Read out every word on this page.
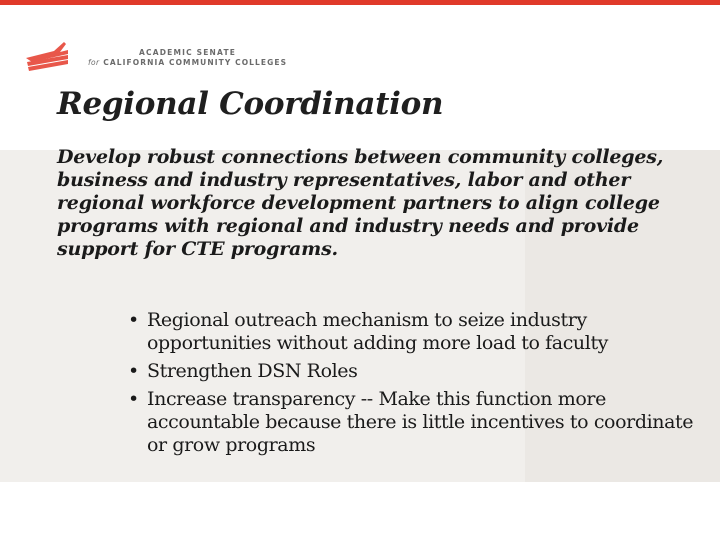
ACADEMIC SENATE
for CALIFORNIA COMMUNITY COLLEGES
Regional Coordination

Develop robust connections between community colleges, business and industry representatives, labor and other regional workforce development partners to align college programs with regional and industry needs and provide support for CTE programs.

• Regional outreach mechanism to seize industry opportunities without adding more load to faculty
• Strengthen DSN Roles
• Increase transparency -- Make this function more accountable because there is little incentives to coordinate or grow programs
